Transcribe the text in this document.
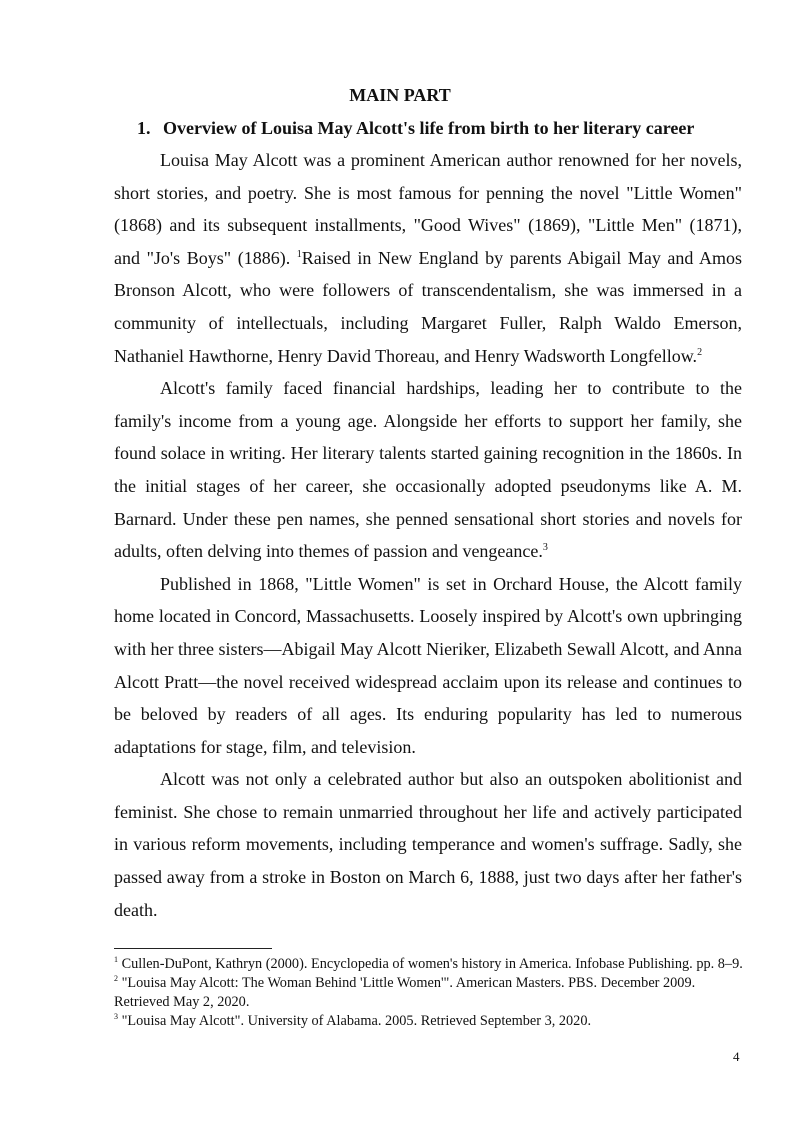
MAIN PART
1. Overview of Louisa May Alcott's life from birth to her literary career

Louisa May Alcott was a prominent American author renowned for her novels, short stories, and poetry. She is most famous for penning the novel "Little Women" (1868) and its subsequent installments, "Good Wives" (1869), "Little Men" (1871), and "Jo's Boys" (1886). $^1$Raised in New England by parents Abigail May and Amos Bronson Alcott, who were followers of transcendentalism, she was immersed in a community of intellectuals, including Margaret Fuller, Ralph Waldo Emerson, Nathaniel Hawthorne, Henry David Thoreau, and Henry Wadsworth Longfellow.$^2$

Alcott's family faced financial hardships, leading her to contribute to the family's income from a young age. Alongside her efforts to support her family, she found solace in writing. Her literary talents started gaining recognition in the 1860s. In the initial stages of her career, she occasionally adopted pseudonyms like A. M. Barnard. Under these pen names, she penned sensational short stories and novels for adults, often delving into themes of passion and vengeance.$^3$

Published in 1868, "Little Women" is set in Orchard House, the Alcott family home located in Concord, Massachusetts. Loosely inspired by Alcott's own upbringing with her three sisters—Abigail May Alcott Nieriker, Elizabeth Sewall Alcott, and Anna Alcott Pratt—the novel received widespread acclaim upon its release and continues to be beloved by readers of all ages. Its enduring popularity has led to numerous adaptations for stage, film, and television.

Alcott was not only a celebrated author but also an outspoken abolitionist and feminist. She chose to remain unmarried throughout her life and actively participated in various reform movements, including temperance and women's suffrage. Sadly, she passed away from a stroke in Boston on March 6, 1888, just two days after her father's death.

$^1$ Cullen-DuPont, Kathryn (2000). Encyclopedia of women's history in America. Infobase Publishing. pp. 8–9.

$^2$ "Louisa May Alcott: The Woman Behind 'Little Women'". American Masters. PBS. December 2009. Retrieved May 2, 2020.

$^3$ "Louisa May Alcott". University of Alabama. 2005. Retrieved September 3, 2020.

4
